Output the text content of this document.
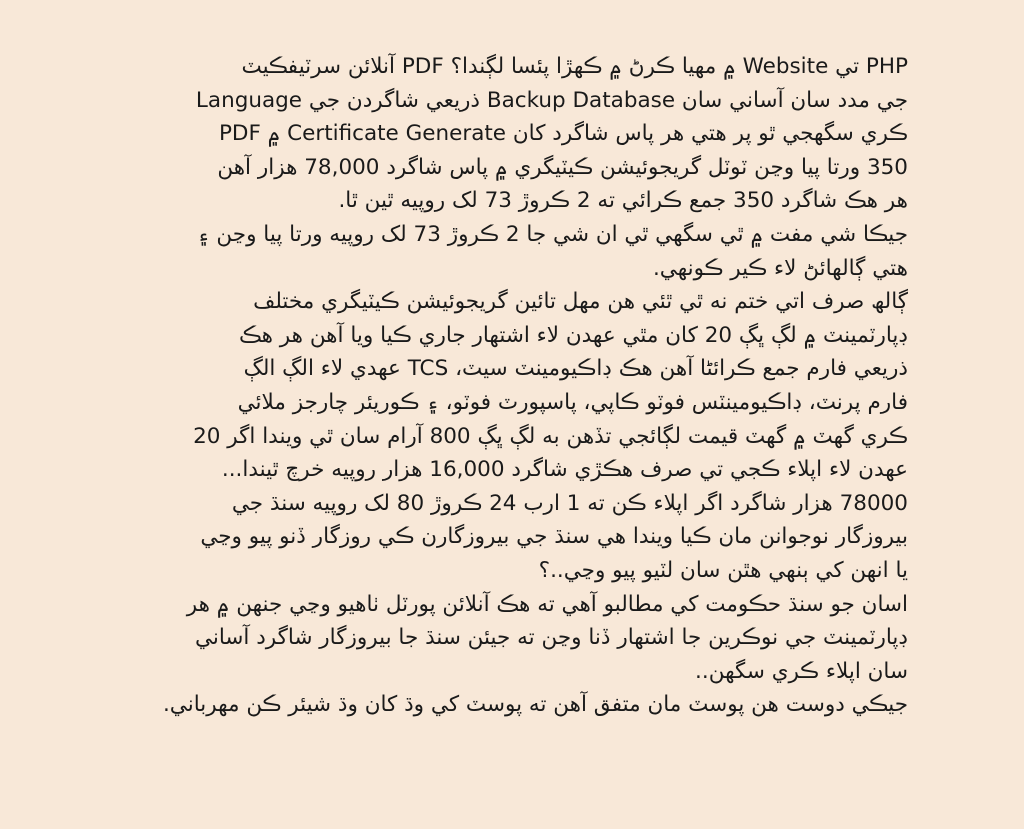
PHP تي Website ۾ مهيا ڪرڻ ۾ ڪهڙا پئسا لڳندا؟ PDF آنلائن سرٽيفڪيٽ
جي مدد سان آساني سان Backup Database ذريعي شاگردن جي Language
ڪري سگهجي ٿو پر هتي هر پاس شاگرد کان Certificate Generate ۾ PDF
350 ورتا پيا وڃن ٽوٽل گريجوئيشن ڪيٽيگري ۾ پاس شاگرد 78,000 هزار آهن
هر هڪ شاگرد 350 جمع ڪرائي ته 2 ڪروڙ 73 لک روپيه ٿين ٿا.
جيڪا شي مفت ۾ ٿي سگهي ٿي ان شي جا 2 ڪروڙ 73 لک روپيه ورتا پيا وڃن ۽
هتي ڳالهائڻ لاء ڪير ڪونهي.
ڳالھ صرف اتي ختم نه ٿي ٿئي هن مهل تائين گريجوئيشن ڪيٽيگري مختلف
ڊپارٽمينٽ ۾ لڳ ڀڳ 20 کان مٿي عهدن لاء اشتهار جاري ڪيا ويا آهن هر هڪ
ذريعي فارم جمع ڪرائڻا آهن هڪ ڊاڪيومينٽ سيٽ، TCS عهدي لاء الڳ الڳ
فارم پرنٽ، ڊاڪيومينٽس فوٽو ڪاپي، پاسپورٽ فوٽو، ۽ ڪوريئر چارجز ملائي
ڪري گهٽ ۾ گهٽ قيمت لڳائجي تڏهن به لڳ ڀڳ 800 آرام سان ٿي ويندا اگر 20
عهدن لاء اپلاء ڪجي تي صرف هڪڙي شاگرد 16,000 هزار روپيه خرچ ٿيندا...
78000 هزار شاگرد اگر اپلاء ڪن ته 1 ارب 24 ڪروڙ 80 لک روپيه سنڌ جي
بيروزگار نوجوانن مان ڪيا ويندا هي سنڌ جي بيروزگارن ڪي روزگار ڏنو پيو وڃي
يا انهن کي ٻنهي هٿن سان لٽيو پيو وڃي..؟
اسان جو سنڌ حڪومت کي مطالبو آهي ته هڪ آنلائن پورٽل ٺاهيو وڃي جنهن ۾ هر
ڊپارٽمينٽ جي نوڪرين جا اشتهار ڏنا وڃن ته جيئن سنڌ جا بيروزگار شاگرد آساني
سان اپلاء ڪري سگهن..
جيڪي دوست هن پوسٽ مان متفق آهن ته پوسٽ کي وڌ کان وڌ شيئر ڪن مهرباني.
